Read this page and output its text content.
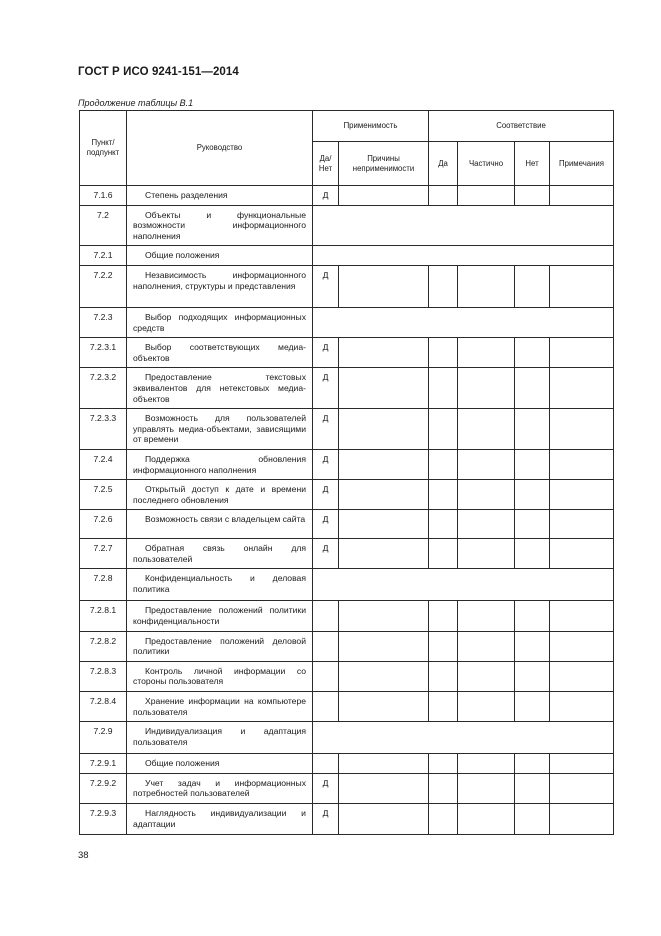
ГОСТ Р ИСО 9241-151—2014
Продолжение таблицы В.1
Пункт/ подпункт	Руководство	Применимость		Соответствие			
		Да/ Нет	Причины неприменимости	Да	Частично	Нет	Примечания
7.1.6	Степень разделения	Д					
7.2	Объекты и функциональные возможности информационного наполнения						

7.2.1	Общие положения						

7.2.2	Независимость информационного наполнения, структуры и представления	Д					
7.2.3	Выбор подходящих информационных средств						

7.2.3.1	Выбор соответствующих медиа-объектов	Д					
7.2.3.2	Предоставление текстовых эквивалентов для нетекстовых медиа-объектов	Д					
7.2.3.3	Возможность для пользователей управлять медиа-объектами, зависящими от времени	Д					
7.2.4	Поддержка обновления информационного наполнения	Д					
7.2.5	Открытый доступ к дате и времени последнего обновления	Д					
7.2.6	Возможность связи с владельцем сайта	Д					
7.2.7	Обратная связь онлайн для пользователей	Д					
7.2.8	Конфиденциальность и деловая политика						

7.2.8.1	Предоставление положений политики конфиденциальности						

7.2.8.2	Предоставление положений деловой политики						

7.2.8.3	Контроль личной информации со стороны пользователя						

7.2.8.4	Хранение информации на компьютере пользователя						

7.2.9	Индивидуализация и адаптация пользователя						

7.2.9.1	Общие положения						

7.2.9.2	Учет задач и информационных потребностей пользователей	Д					
7.2.9.3	Наглядность индивидуализации и адаптации	Д					
38
